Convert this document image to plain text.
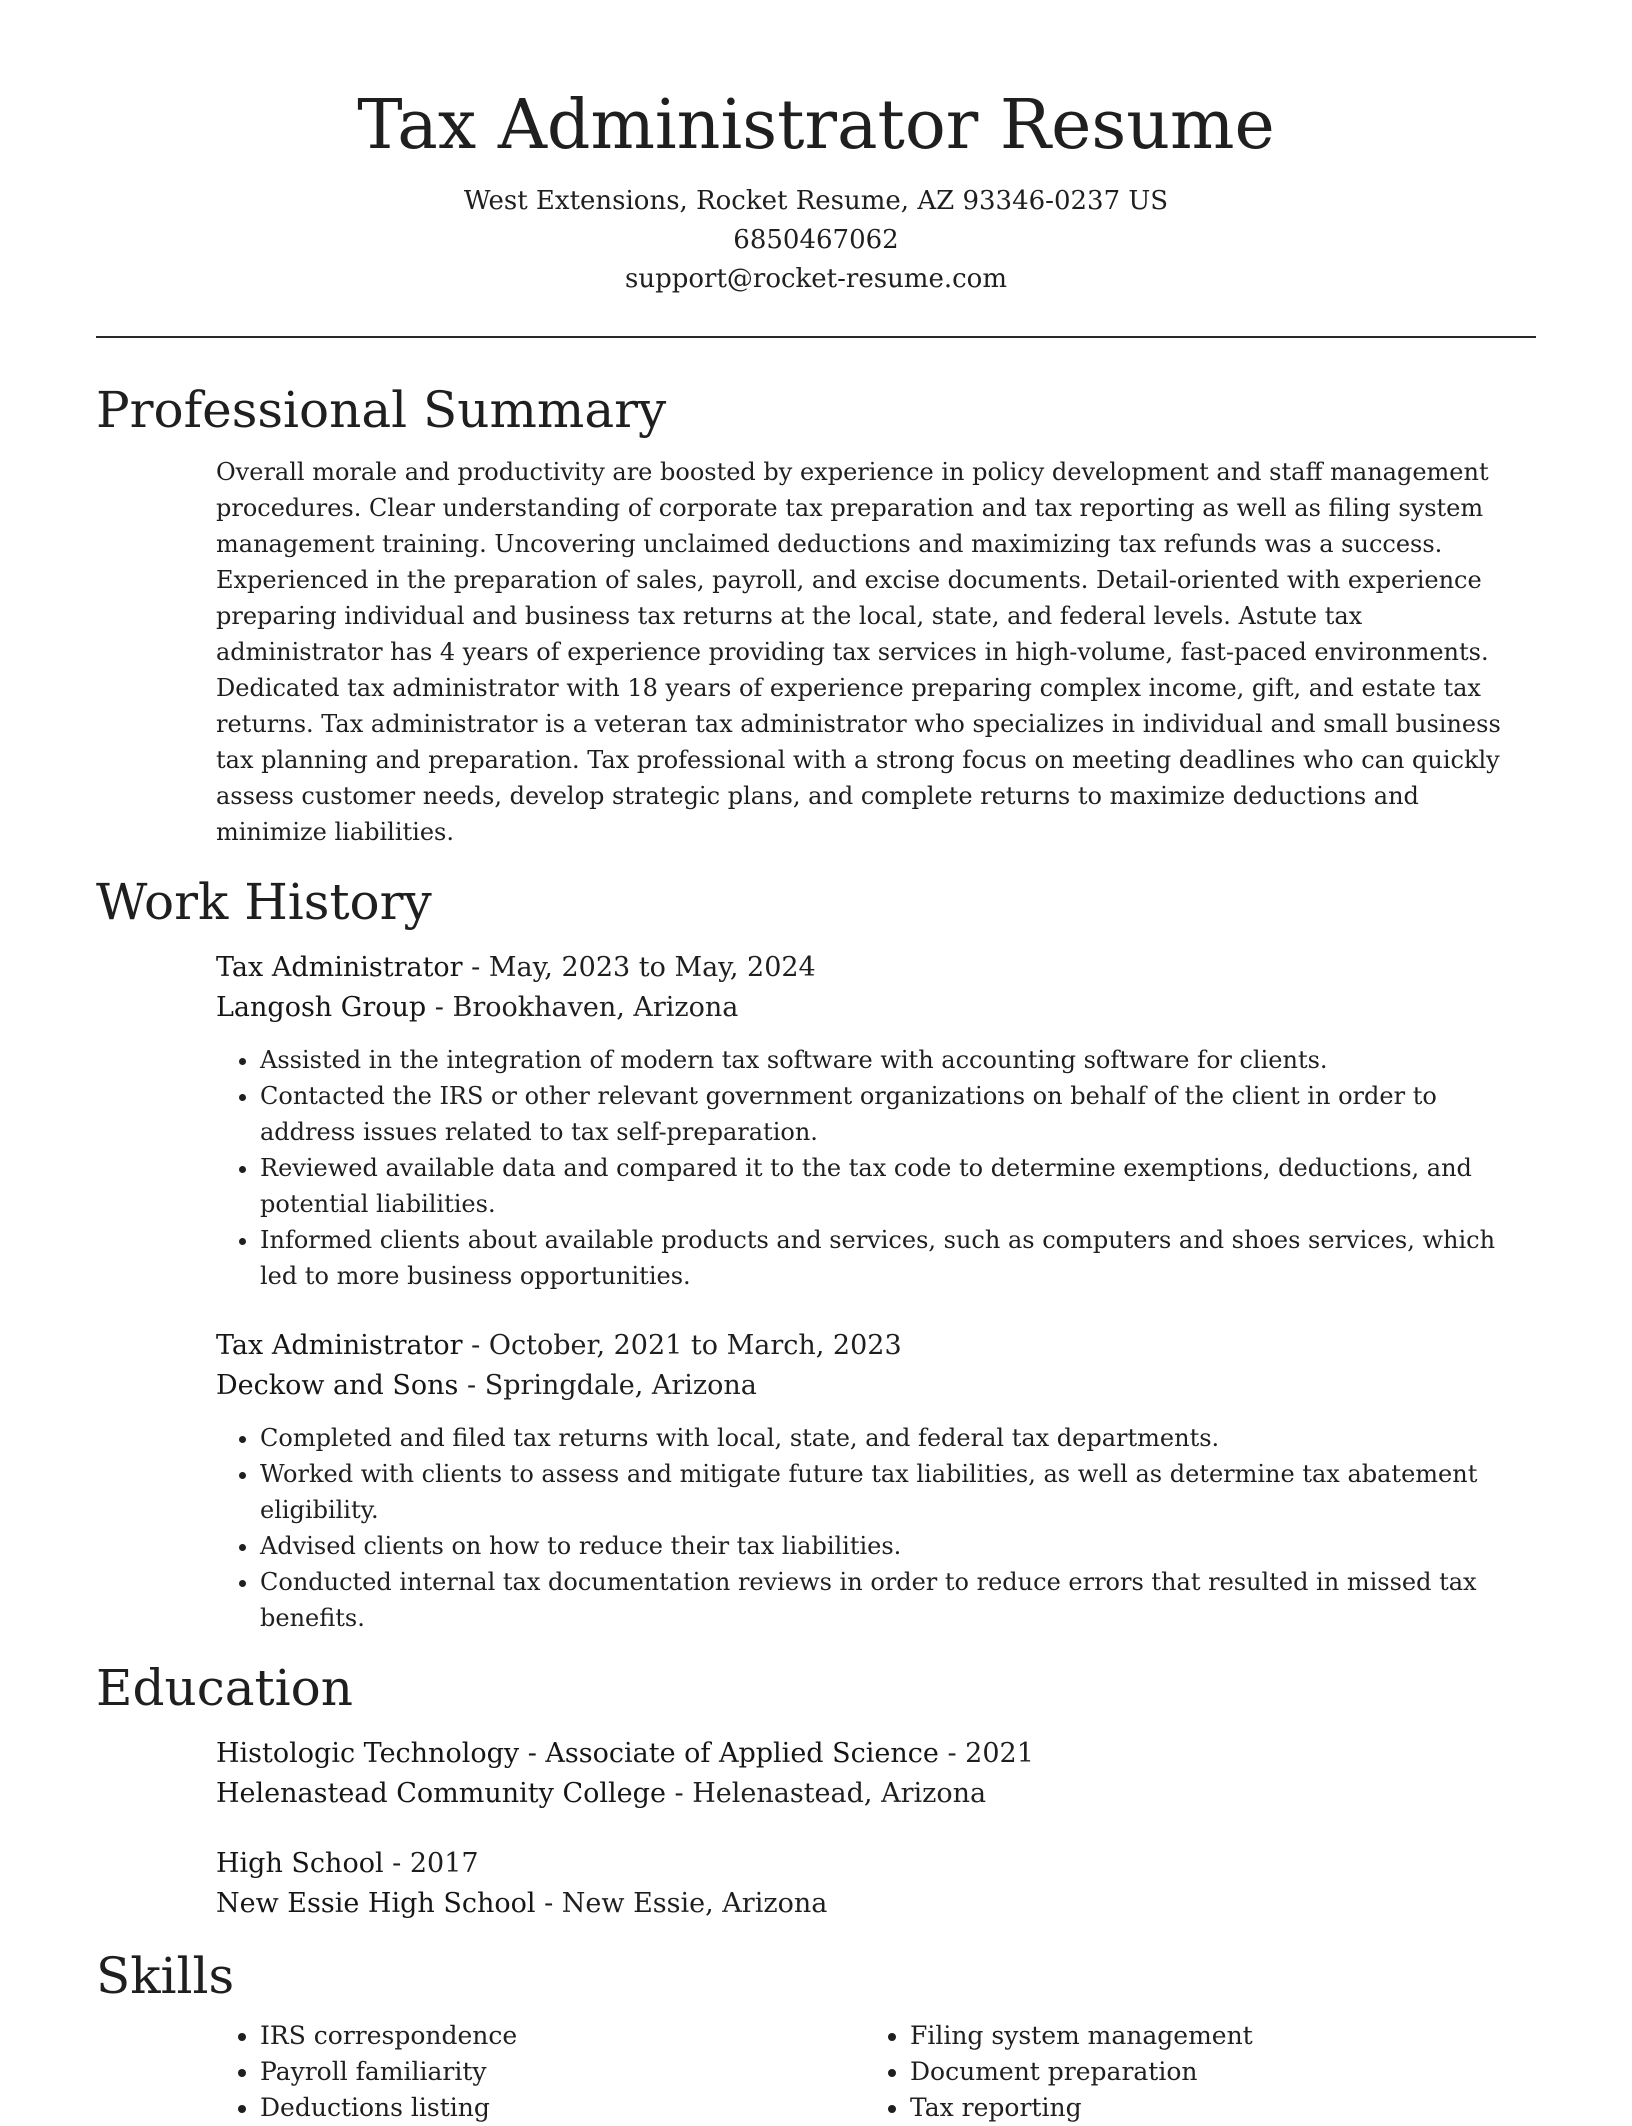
Tax Administrator Resume

West Extensions, Rocket Resume, AZ 93346-0237 US

6850467062

support@rocket-resume.com

Professional Summary

Overall morale and productivity are boosted by experience in policy development and staff management procedures. Clear understanding of corporate tax preparation and tax reporting as well as filing system management training. Uncovering unclaimed deductions and maximizing tax refunds was a success. Experienced in the preparation of sales, payroll, and excise documents. Detail-oriented with experience preparing individual and business tax returns at the local, state, and federal levels. Astute tax administrator has 4 years of experience providing tax services in high-volume, fast-paced environments. Dedicated tax administrator with 18 years of experience preparing complex income, gift, and estate tax returns. Tax administrator is a veteran tax administrator who specializes in individual and small business tax planning and preparation. Tax professional with a strong focus on meeting deadlines who can quickly assess customer needs, develop strategic plans, and complete returns to maximize deductions and minimize liabilities.

Work History

Tax Administrator - May, 2023 to May, 2024

Langosh Group - Brookhaven, Arizona

• Assisted in the integration of modern tax software with accounting software for clients.
• Contacted the IRS or other relevant government organizations on behalf of the client in order to address issues related to tax self-preparation.
• Reviewed available data and compared it to the tax code to determine exemptions, deductions, and potential liabilities.
• Informed clients about available products and services, such as computers and shoes services, which led to more business opportunities.

Tax Administrator - October, 2021 to March, 2023

Deckow and Sons - Springdale, Arizona

• Completed and filed tax returns with local, state, and federal tax departments.
• Worked with clients to assess and mitigate future tax liabilities, as well as determine tax abatement eligibility.
• Advised clients on how to reduce their tax liabilities.
• Conducted internal tax documentation reviews in order to reduce errors that resulted in missed tax benefits.
Education

Histologic Technology - Associate of Applied Science - 2021

Helenastead Community College - Helenastead, Arizona

High School - 2017

New Essie High School - New Essie, Arizona

Skills
• IRS correspondence
• Payroll familiarity
• Deductions listing
• Filing system management
• Document preparation
• Tax reporting
